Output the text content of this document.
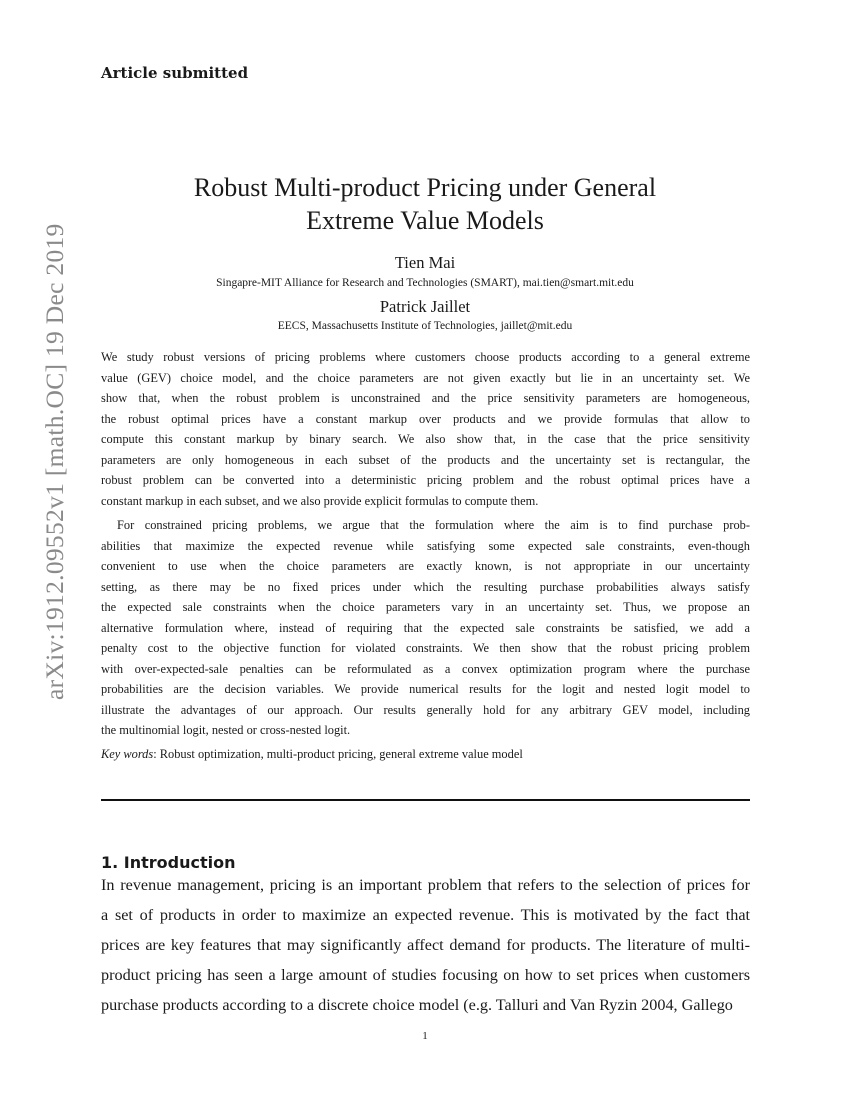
Article submitted
arXiv:1912.09552v1 [math.OC] 19 Dec 2019
Robust Multi-product Pricing under General
Extreme Value Models
Tien Mai
Singapre-MIT Alliance for Research and Technologies (SMART), mai.tien@smart.mit.edu
Patrick Jaillet
EECS, Massachusetts Institute of Technologies, jaillet@mit.edu
We study robust versions of pricing problems where customers choose products according to a general extreme
value (GEV) choice model, and the choice parameters are not given exactly but lie in an uncertainty set. We
show that, when the robust problem is unconstrained and the price sensitivity parameters are homogeneous,
the robust optimal prices have a constant markup over products and we provide formulas that allow to
compute this constant markup by binary search. We also show that, in the case that the price sensitivity
parameters are only homogeneous in each subset of the products and the uncertainty set is rectangular, the
robust problem can be converted into a deterministic pricing problem and the robust optimal prices have a
constant markup in each subset, and we also provide explicit formulas to compute them.
For constrained pricing problems, we argue that the formulation where the aim is to find purchase prob-
abilities that maximize the expected revenue while satisfying some expected sale constraints, even-though
convenient to use when the choice parameters are exactly known, is not appropriate in our uncertainty
setting, as there may be no fixed prices under which the resulting purchase probabilities always satisfy
the expected sale constraints when the choice parameters vary in an uncertainty set. Thus, we propose an
alternative formulation where, instead of requiring that the expected sale constraints be satisfied, we add a
penalty cost to the objective function for violated constraints. We then show that the robust pricing problem
with over-expected-sale penalties can be reformulated as a convex optimization program where the purchase
probabilities are the decision variables. We provide numerical results for the logit and nested logit model to
illustrate the advantages of our approach. Our results generally hold for any arbitrary GEV model, including
the multinomial logit, nested or cross-nested logit.
Key words: Robust optimization, multi-product pricing, general extreme value model
1. Introduction
In revenue management, pricing is an important problem that refers to the selection of prices for
a set of products in order to maximize an expected revenue. This is motivated by the fact that
prices are key features that may significantly affect demand for products. The literature of multi-
product pricing has seen a large amount of studies focusing on how to set prices when customers
purchase products according to a discrete choice model (e.g. Talluri and Van Ryzin 2004, Gallego
1
